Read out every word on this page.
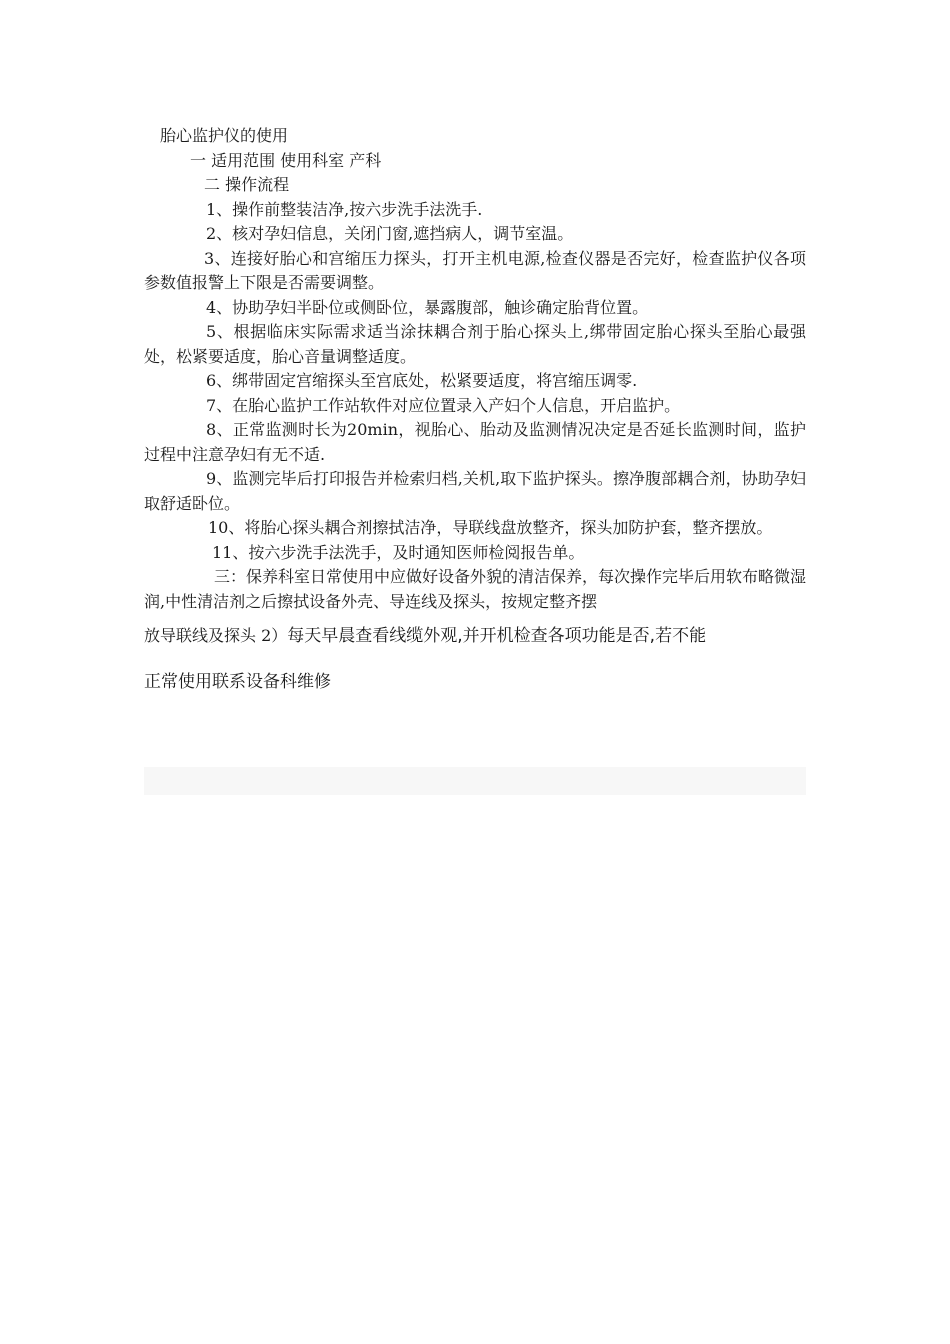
胎心监护仪的使用
一 适用范围 使用科室 产科
二 操作流程
1、操作前整装洁净,按六步洗手法洗手.
2、核对孕妇信息，关闭门窗,遮挡病人，调节室温。
3、连接好胎心和宫缩压力探头，打开主机电源,检查仪器是否完好，检查监护仪各项参数值报警上下限是否需要调整。
4、协助孕妇半卧位或侧卧位，暴露腹部，触诊确定胎背位置。
5、根据临床实际需求适当涂抹耦合剂于胎心探头上,绑带固定胎心探头至胎心最强处，松紧要适度，胎心音量调整适度。
6、绑带固定宫缩探头至宫底处，松紧要适度，将宫缩压调零.
7、在胎心监护工作站软件对应位置录入产妇个人信息，开启监护。
8、正常监测时长为20min，视胎心、胎动及监测情况决定是否延长监测时间，监护过程中注意孕妇有无不适.
9、监测完毕后打印报告并检索归档,关机,取下监护探头。擦净腹部耦合剂，协助孕妇取舒适卧位。
10、将胎心探头耦合剂擦拭洁净，导联线盘放整齐，探头加防护套，整齐摆放。
11、按六步洗手法洗手，及时通知医师检阅报告单。
三：保养科室日常使用中应做好设备外貌的清洁保养，每次操作完毕后用软布略微湿润,中性清洁剂之后擦拭设备外壳、导连线及探头，按规定整齐摆
放导联线及探头 2）每天早晨查看线缆外观,并开机检查各项功能是否,若不能
正常使用联系设备科维修
